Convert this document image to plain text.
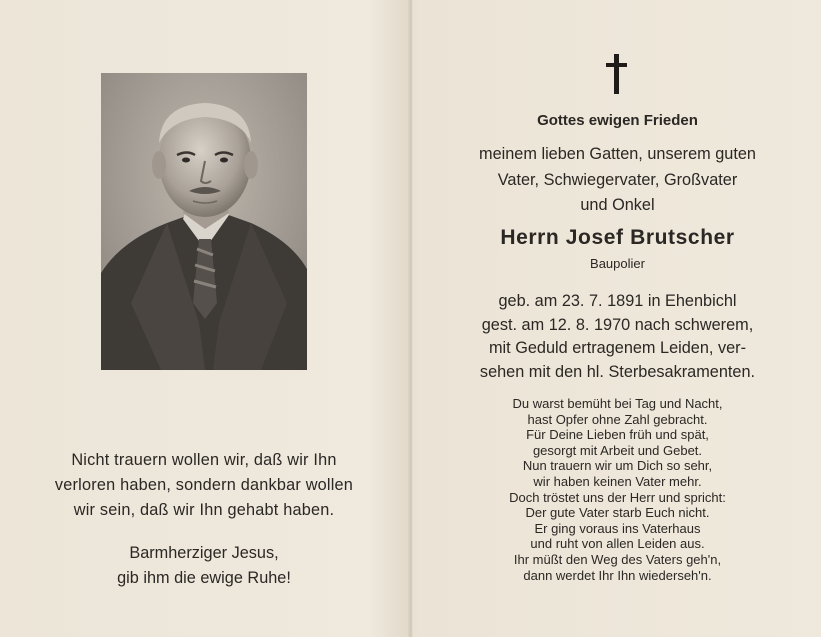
Nicht trauern wollen wir, daß wir Ihn
verloren haben, sondern dankbar wollen
wir sein, daß wir Ihn gehabt haben.
Barmherziger Jesus,
gib ihm die ewige Ruhe!
Gottes ewigen Frieden
meinem lieben Gatten, unserem guten
Vater, Schwiegervater, Großvater
und Onkel
Herrn Josef Brutscher
Baupolier
geb. am 23. 7. 1891 in Ehenbichl
gest. am 12. 8. 1970 nach schwerem,
mit Geduld ertragenem Leiden, ver-
sehen mit den hl. Sterbesakramenten.
Du warst bemüht bei Tag und Nacht,
hast Opfer ohne Zahl gebracht.
Für Deine Lieben früh und spät,
gesorgt mit Arbeit und Gebet.
Nun trauern wir um Dich so sehr,
wir haben keinen Vater mehr.
Doch tröstet uns der Herr und spricht:
Der gute Vater starb Euch nicht.
Er ging voraus ins Vaterhaus
und ruht von allen Leiden aus.
Ihr müßt den Weg des Vaters geh'n,
dann werdet Ihr Ihn wiederseh'n.
